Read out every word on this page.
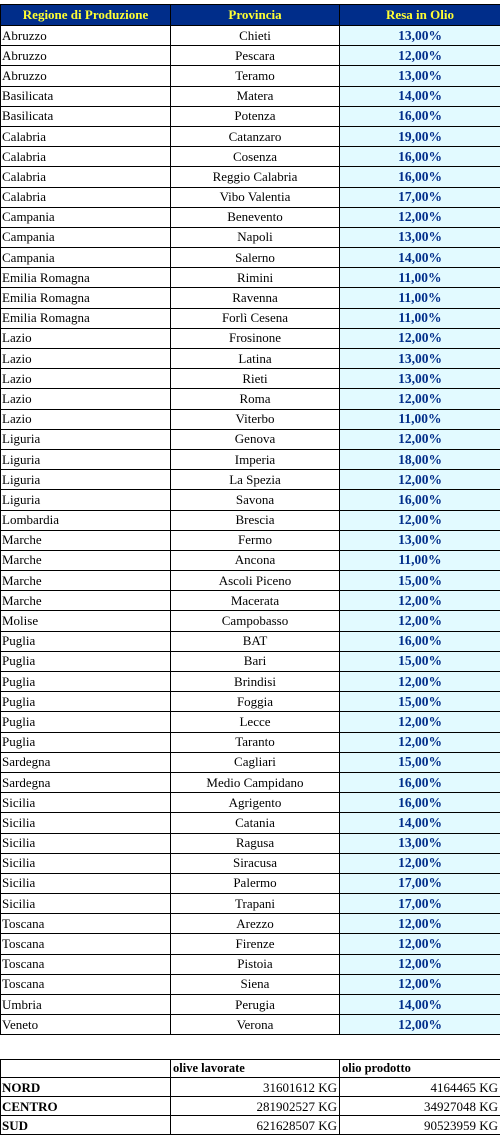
Regione di Produzione	Provincia	Resa in Olio
Abruzzo	Chieti	13,00%
Abruzzo	Pescara	12,00%
Abruzzo	Teramo	13,00%
Basilicata	Matera	14,00%
Basilicata	Potenza	16,00%
Calabria	Catanzaro	19,00%
Calabria	Cosenza	16,00%
Calabria	Reggio Calabria	16,00%
Calabria	Vibo Valentia	17,00%
Campania	Benevento	12,00%
Campania	Napoli	13,00%
Campania	Salerno	14,00%
Emilia Romagna	Rimini	11,00%
Emilia Romagna	Ravenna	11,00%
Emilia Romagna	Forlì Cesena	11,00%
Lazio	Frosinone	12,00%
Lazio	Latina	13,00%
Lazio	Rieti	13,00%
Lazio	Roma	12,00%
Lazio	Viterbo	11,00%
Liguria	Genova	12,00%
Liguria	Imperia	18,00%
Liguria	La Spezia	12,00%
Liguria	Savona	16,00%
Lombardia	Brescia	12,00%
Marche	Fermo	13,00%
Marche	Ancona	11,00%
Marche	Ascoli Piceno	15,00%
Marche	Macerata	12,00%
Molise	Campobasso	12,00%
Puglia	BAT	16,00%
Puglia	Bari	15,00%
Puglia	Brindisi	12,00%
Puglia	Foggia	15,00%
Puglia	Lecce	12,00%
Puglia	Taranto	12,00%
Sardegna	Cagliari	15,00%
Sardegna	Medio Campidano	16,00%
Sicilia	Agrigento	16,00%
Sicilia	Catania	14,00%
Sicilia	Ragusa	13,00%
Sicilia	Siracusa	12,00%
Sicilia	Palermo	17,00%
Sicilia	Trapani	17,00%
Toscana	Arezzo	12,00%
Toscana	Firenze	12,00%
Toscana	Pistoia	12,00%
Toscana	Siena	12,00%
Umbria	Perugia	14,00%
Veneto	Verona	12,00%
	olive lavorate	olio prodotto
NORD	31601612 KG	4164465 KG
CENTRO	281902527 KG	34927048 KG
SUD	621628507 KG	90523959 KG
